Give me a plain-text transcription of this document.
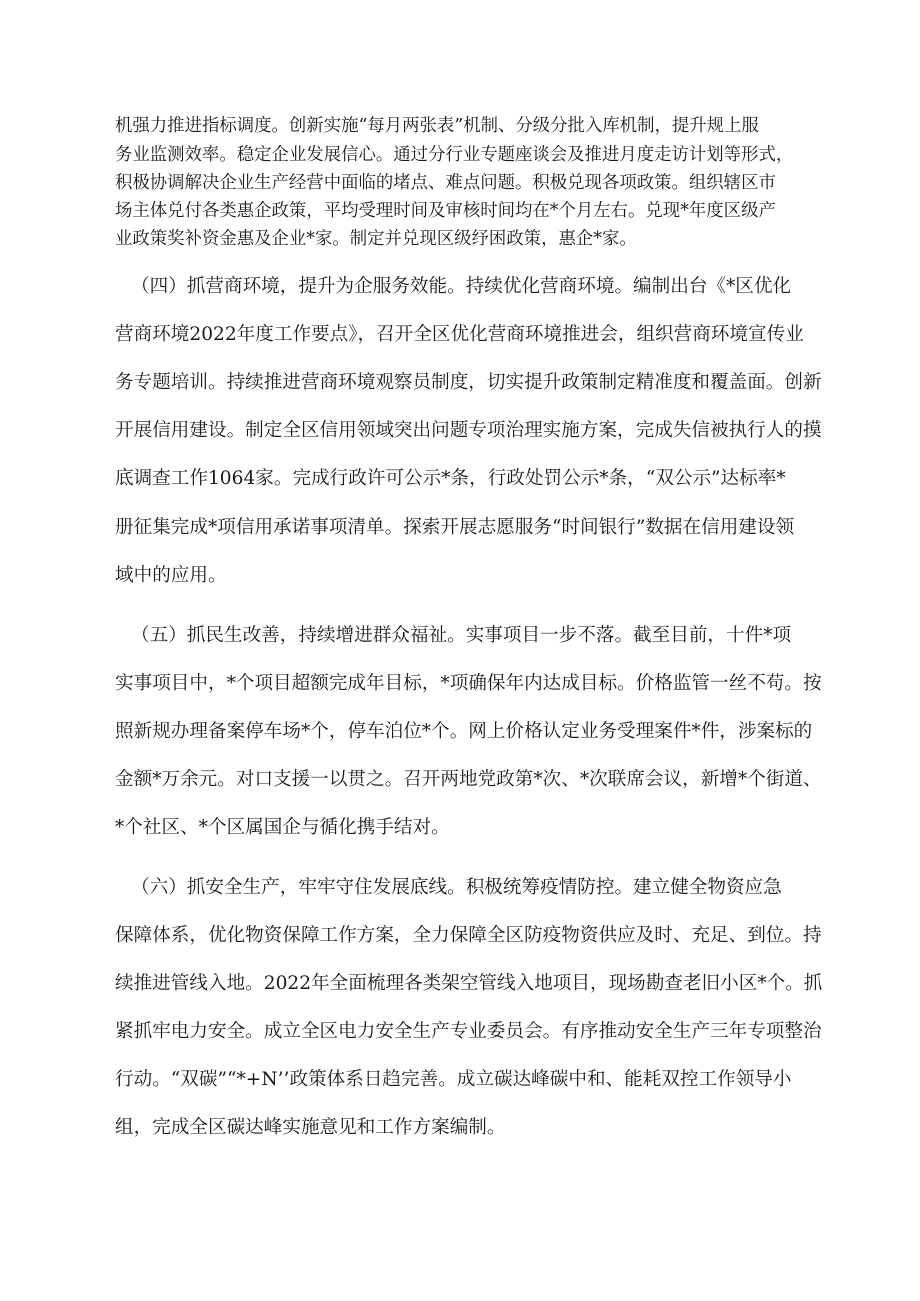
机强力推进指标调度。创新实施“每月两张表”机制、分级分批入库机制，提升规上服
务业监测效率。稳定企业发展信心。通过分行业专题座谈会及推进月度走访计划等形式，
积极协调解决企业生产经营中面临的堵点、难点问题。积极兑现各项政策。组织辖区市
场主体兑付各类惠企政策，平均受理时间及审核时间均在*个月左右。兑现*年度区级产
业政策奖补资金惠及企业*家。制定并兑现区级纾困政策，惠企*家。
（四）抓营商环境，提升为企服务效能。持续优化营商环境。编制出台《*区优化
营商环境2022年度工作要点》，召开全区优化营商环境推进会，组织营商环境宣传业
务专题培训。持续推进营商环境观察员制度，切实提升政策制定精准度和覆盖面。创新
开展信用建设。制定全区信用领域突出问题专项治理实施方案，完成失信被执行人的摸
底调查工作1064家。完成行政许可公示*条，行政处罚公示*条，“双公示”达标率*
册征集完成*项信用承诺事项清单。探索开展志愿服务“时间银行”数据在信用建设领
域中的应用。
（五）抓民生改善，持续增进群众福祉。实事项目一步不落。截至目前，十件*项
实事项目中，*个项目超额完成年目标，*项确保年内达成目标。价格监管一丝不苟。按
照新规办理备案停车场*个，停车泊位*个。网上价格认定业务受理案件*件，涉案标的
金额*万余元。对口支援一以贯之。召开两地党政第*次、*次联席会议，新增*个街道、
*个社区、*个区属国企与循化携手结对。
（六）抓安全生产，牢牢守住发展底线。积极统筹疫情防控。建立健全物资应急
保障体系，优化物资保障工作方案，全力保障全区防疫物资供应及时、充足、到位。持
续推进管线入地。2022年全面梳理各类架空管线入地项目，现场勘查老旧小区*个。抓
紧抓牢电力安全。成立全区电力安全生产专业委员会。有序推动安全生产三年专项整治
行动。“双碳”“*+N’’政策体系日趋完善。成立碳达峰碳中和、能耗双控工作领导小
组，完成全区碳达峰实施意见和工作方案编制。
